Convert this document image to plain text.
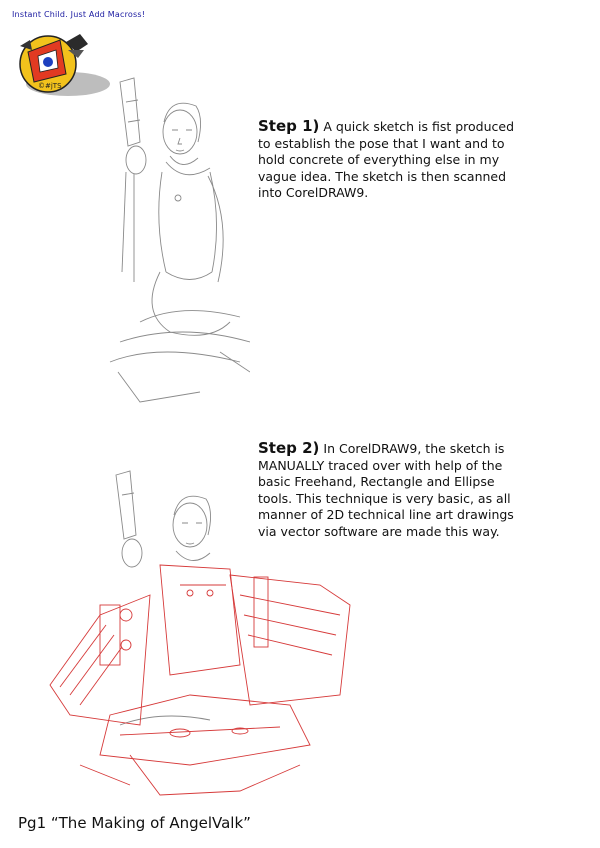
Instant Child. Just Add Macross!
©#jTS
Step 1) A quick sketch is fist produced to establish the pose that I want and to hold concrete of everything else in my vague idea. The sketch is then scanned into CorelDRAW9.
Step 2) In CorelDRAW9, the sketch is MANUALLY traced over with help of the basic Freehand, Rectangle and Ellipse tools. This technique is very basic, as all manner of 2D technical line art drawings via vector software are made this way.
Pg1 “The Making of AngelValk”
